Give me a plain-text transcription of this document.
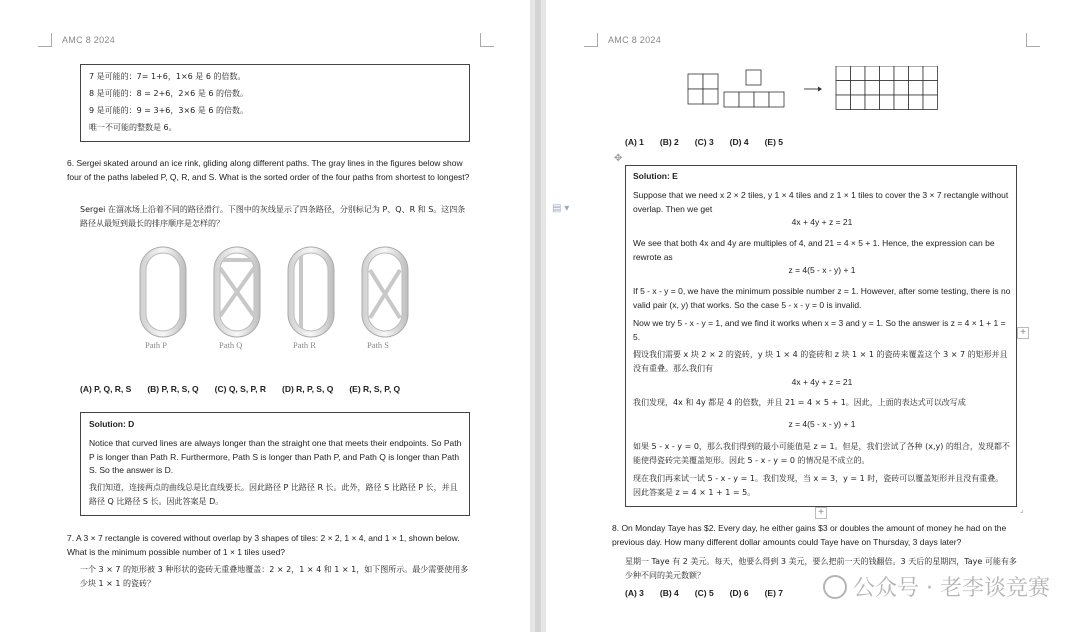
AMC 8 2024
7 是可能的：7= 1+6，1×6 是 6 的倍数。
8 是可能的：8 = 2+6，2×6 是 6 的倍数。
9 是可能的：9 = 3+6，3×6 是 6 的倍数。
唯一不可能的整数是 6。
6. Sergei skated around an ice rink, gliding along different paths. The gray lines in the figures below show four of the paths labeled P, Q, R, and S. What is the sorted order of the four paths from shortest to longest?
Sergei 在溜冰场上沿着不同的路径滑行。下图中的灰线显示了四条路径，分别标记为 P、Q、R 和 S。这四条路径从最短到最长的排序顺序是怎样的？
Path P	Path Q	Path R	Path S
(A) P, Q, R, S (B) P, R, S, Q (C) Q, S, P, R (D) R, P, S, Q (E) R, S, P, Q
Solution: D
Notice that curved lines are always longer than the straight one that meets their endpoints. So Path P is longer than Path R. Furthermore, Path S is longer than Path P, and Path Q is longer than Path S. So the answer is D.
我们知道，连接两点的曲线总是比直线要长。因此路径 P 比路径 R 长。此外，路径 S 比路径 P 长，并且路径 Q 比路径 S 长。因此答案是 D。
7. A 3 × 7 rectangle is covered without overlap by 3 shapes of tiles: 2 × 2, 1 × 4, and 1 × 1, shown below. What is the minimum possible number of 1 × 1 tiles used?
一个 3 × 7 的矩形被 3 种形状的瓷砖无重叠地覆盖：2 × 2，1 × 4 和 1 × 1，如下图所示。最少需要使用多少块 1 × 1 的瓷砖？
AMC 8 2024
(A) 1 (B) 2 (C) 3 (D) 4 (E) 5
✥
Solution: E
Suppose that we need x 2 × 2 tiles, y 1 × 4 tiles and z 1 × 1 tiles to cover the 3 × 7 rectangle without overlap. Then we get
4x + 4y + z = 21
We see that both 4x and 4y are multiples of 4, and 21 = 4 × 5 + 1. Hence, the expression can be rewrote as
z = 4(5 - x - y) + 1
If 5 - x - y = 0, we have the minimum possible number z = 1. However, after some testing, there is no valid pair (x, y) that works. So the case 5 - x - y = 0 is invalid.
Now we try 5 - x - y = 1, and we find it works when x = 3 and y = 1. So the answer is z = 4 × 1 + 1 = 5.
假设我们需要 x 块 2 × 2 的瓷砖，y 块 1 × 4 的瓷砖和 z 块 1 × 1 的瓷砖来覆盖这个 3 × 7 的矩形并且没有重叠。那么我们有
4x + 4y + z = 21
我们发现，4x 和 4y 都是 4 的倍数，并且 21 = 4 × 5 + 1。因此，上面的表达式可以改写成
z = 4(5 - x - y) + 1
如果 5 - x - y = 0，那么我们得到的最小可能值是 z = 1。但是，我们尝试了各种 (x,y) 的组合，发现都不能使得瓷砖完美覆盖矩形。因此 5 - x - y = 0 的情况是不成立的。
现在我们再来试一试 5 - x - y = 1。我们发现，当 x = 3，y = 1 时，瓷砖可以覆盖矩形并且没有重叠。因此答案是 z = 4 × 1 + 1 = 5。
+
+
⌟
▤ ▾
8. On Monday Taye has $2. Every day, he either gains $3 or doubles the amount of money he had on the previous day. How many different dollar amounts could Taye have on Thursday, 3 days later?
星期一 Taye 有 2 美元。每天，他要么得到 3 美元，要么把前一天的钱翻倍。3 天后的星期四，Taye 可能有多少种不同的美元数额？
(A) 3 (B) 4 (C) 5 (D) 6 (E) 7	公众号 · 老李谈竞赛
